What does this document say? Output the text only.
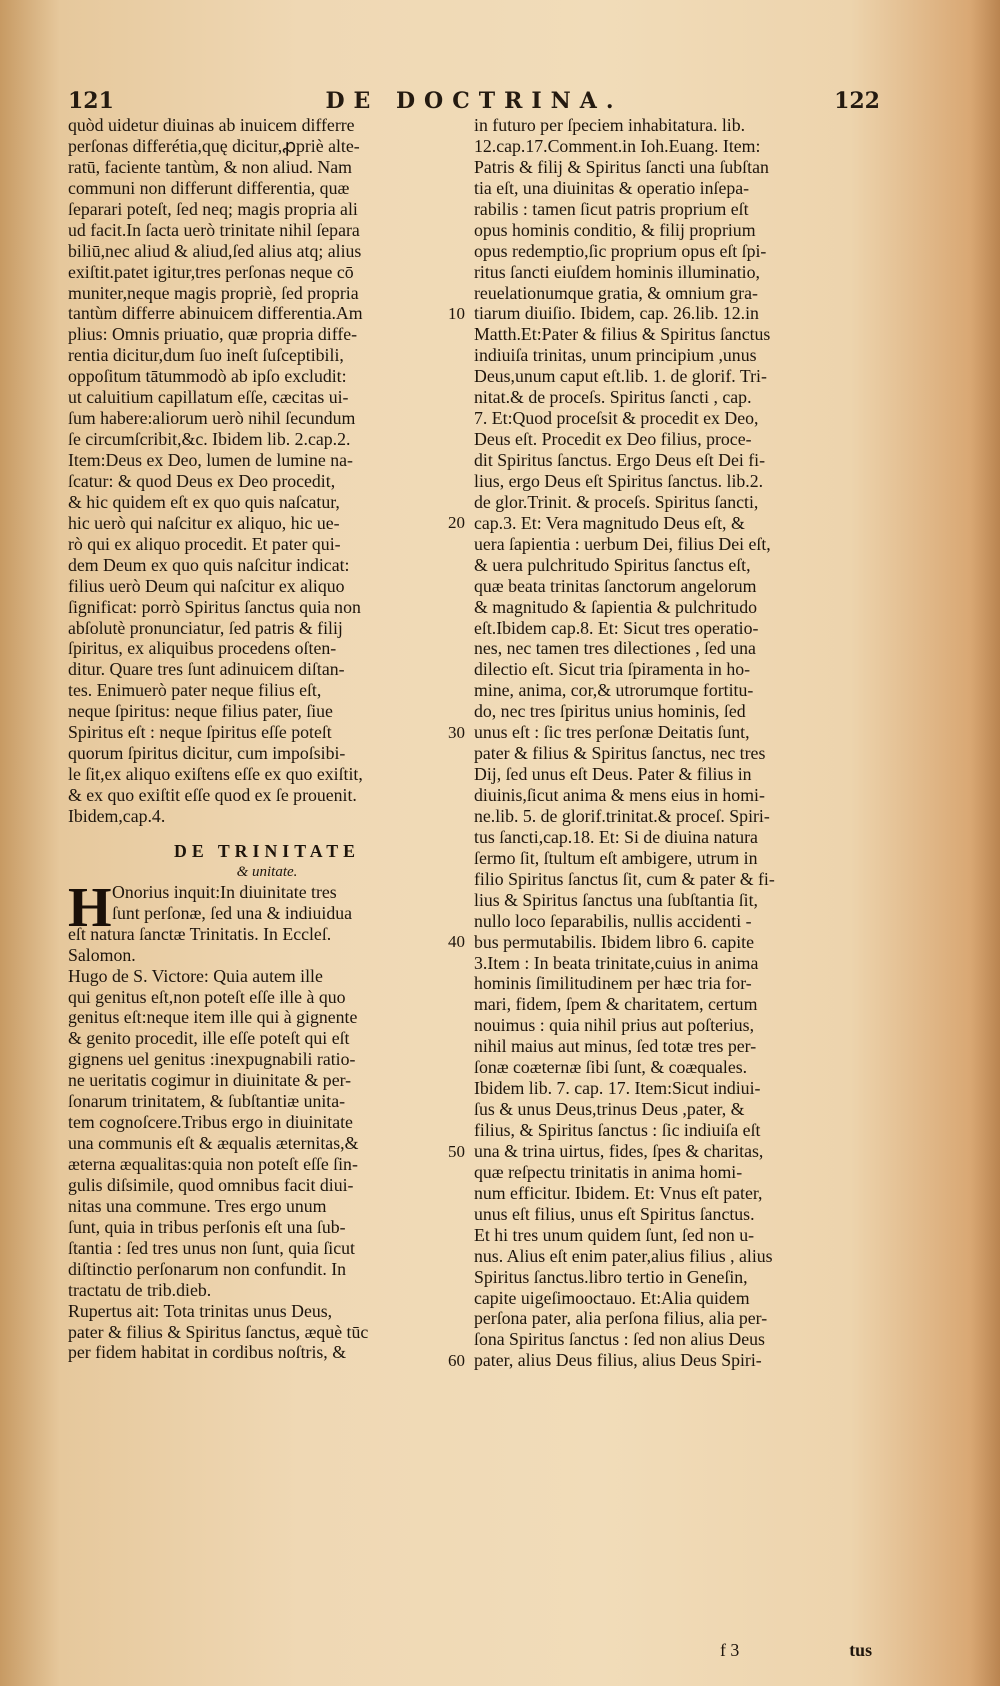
121	DE DOCTRINA.	122
quòd uidetur diuinas ab inuicem differre
perſonas differétia,quę dicitur,ꝓpriè alte-
ratū, faciente tantùm, & non aliud. Nam
communi non differunt differentia, quæ
ſeparari poteſt, ſed neq; magis propria ali
ud facit.In ſacta uerò trinitate nihil ſepara
biliū,nec aliud & aliud,ſed alius atq; alius
exiſtit.patet igitur,tres perſonas neque cō
muniter,neque magis propriè, ſed propria
tantùm differre abinuicem differentia.Am
plius: Omnis priuatio, quæ propria diffe-
rentia dicitur,dum ſuo ineſt ſuſceptibili,
oppoſitum tātummodò ab ipſo excludit:
ut caluitium capillatum eſſe, cæcitas ui-
ſum habere:aliorum uerò nihil ſecundum
ſe circumſcribit,&c. Ibidem lib. 2.cap.2.
Item:Deus ex Deo, lumen de lumine na-
ſcatur: & quod Deus ex Deo procedit,
& hic quidem eſt ex quo quis naſcatur,
hic uerò qui naſcitur ex aliquo, hic ue-
rò qui ex aliquo procedit. Et pater qui-
dem Deum ex quo quis naſcitur indicat:
filius uerò Deum qui naſcitur ex aliquo
ſignificat: porrò Spiritus ſanctus quia non
abſolutè pronunciatur, ſed patris & filij
ſpiritus, ex aliquibus procedens oſten-
ditur. Quare tres ſunt adinuicem diſtan-
tes. Enimuerò pater neque filius eſt,
neque ſpiritus: neque filius pater, ſiue
Spiritus eſt : neque ſpiritus eſſe poteſt
quorum ſpiritus dicitur, cum impoſsibi-
le ſit,ex aliquo exiſtens eſſe ex quo exiſtit,
& ex quo exiſtit eſſe quod ex ſe prouenit.
Ibidem,cap.4.
DE TRINITATE
& unitate.
H Onorius inquit:In diuinitate tres
ſunt perſonæ, ſed una & indiuidua
eſt natura ſanctæ Trinitatis. In Eccleſ.
Salomon.
Hugo de S. Victore: Quia autem ille
qui genitus eſt,non poteſt eſſe ille à quo
genitus eſt:neque item ille qui à gignente
& genito procedit, ille eſſe poteſt qui eſt
gignens uel genitus :inexpugnabili ratio-
ne ueritatis cogimur in diuinitate & per-
ſonarum trinitatem, & ſubſtantiæ unita-
tem cognoſcere.Tribus ergo in diuinitate
una communis eſt & æqualis æternitas,&
æterna æqualitas:quia non poteſt eſſe ſin-
gulis diſsimile, quod omnibus facit diui-
nitas una commune. Tres ergo unum
ſunt, quia in tribus perſonis eſt una ſub-
ſtantia : ſed tres unus non ſunt, quia ſicut
diſtinctio perſonarum non confundit. In
tractatu de trib.dieb.
Rupertus ait: Tota trinitas unus Deus,
pater & filius & Spiritus ſanctus, æquè tūc
per fidem habitat in cordibus noſtris, &
10
20
30
40
50
60
in futuro per ſpeciem inhabitatura. lib.
12.cap.17.Comment.in Ioh.Euang. Item:
Patris & filij & Spiritus ſancti una ſubſtan
tia eſt, una diuinitas & operatio inſepa-
rabilis : tamen ſicut patris proprium eſt
opus hominis conditio, & filij proprium
opus redemptio,ſic proprium opus eſt ſpi-
ritus ſancti eiuſdem hominis illuminatio,
reuelationumque gratia, & omnium gra-
tiarum diuiſio. Ibidem, cap. 26.lib. 12.in
Matth.Et:Pater & filius & Spiritus ſanctus
indiuiſa trinitas, unum principium ,unus
Deus,unum caput eſt.lib. 1. de glorif. Tri-
nitat.& de proceſs. Spiritus ſancti , cap.
7. Et:Quod proceſsit & procedit ex Deo,
Deus eſt. Procedit ex Deo filius, proce-
dit Spiritus ſanctus. Ergo Deus eſt Dei fi-
lius, ergo Deus eſt Spiritus ſanctus. lib.2.
de glor.Trinit. & proceſs. Spiritus ſancti,
cap.3. Et: Vera magnitudo Deus eſt, &
uera ſapientia : uerbum Dei, filius Dei eſt,
& uera pulchritudo Spiritus ſanctus eſt,
quæ beata trinitas ſanctorum angelorum
& magnitudo & ſapientia & pulchritudo
eſt.Ibidem cap.8. Et: Sicut tres operatio-
nes, nec tamen tres dilectiones , ſed una
dilectio eſt. Sicut tria ſpiramenta in ho-
mine, anima, cor,& utrorumque fortitu-
do, nec tres ſpiritus unius hominis, ſed
unus eſt : ſic tres perſonæ Deitatis ſunt,
pater & filius & Spiritus ſanctus, nec tres
Dij, ſed unus eſt Deus. Pater & filius in
diuinis,ſicut anima & mens eius in homi-
ne.lib. 5. de glorif.trinitat.& proceſ. Spiri-
tus ſancti,cap.18. Et: Si de diuina natura
ſermo ſit, ſtultum eſt ambigere, utrum in
filio Spiritus ſanctus ſit, cum & pater & fi-
lius & Spiritus ſanctus una ſubſtantia ſit,
nullo loco ſeparabilis, nullis accidenti -
bus permutabilis. Ibidem libro 6. capite
3.Item : In beata trinitate,cuius in anima
hominis ſimilitudinem per hæc tria for-
mari, fidem, ſpem & charitatem, certum
nouimus : quia nihil prius aut poſterius,
nihil maius aut minus, ſed totæ tres per-
ſonæ coæternæ ſibi ſunt, & coæquales.
Ibidem lib. 7. cap. 17. Item:Sicut indiui-
ſus & unus Deus,trinus Deus ,pater, &
filius, & Spiritus ſanctus : ſic indiuiſa eſt
una & trina uirtus, fides, ſpes & charitas,
quæ reſpectu trinitatis in anima homi-
num efficitur. Ibidem. Et: Vnus eſt pater,
unus eſt filius, unus eſt Spiritus ſanctus.
Et hi tres unum quidem ſunt, ſed non u-
nus. Alius eſt enim pater,alius filius , alius
Spiritus ſanctus.libro tertio in Geneſin,
capite uigeſimooctauo. Et:Alia quidem
perſona pater, alia perſona filius, alia per-
ſona Spiritus ſanctus : ſed non alius Deus
pater, alius Deus filius, alius Deus Spiri-
f 3	tus
